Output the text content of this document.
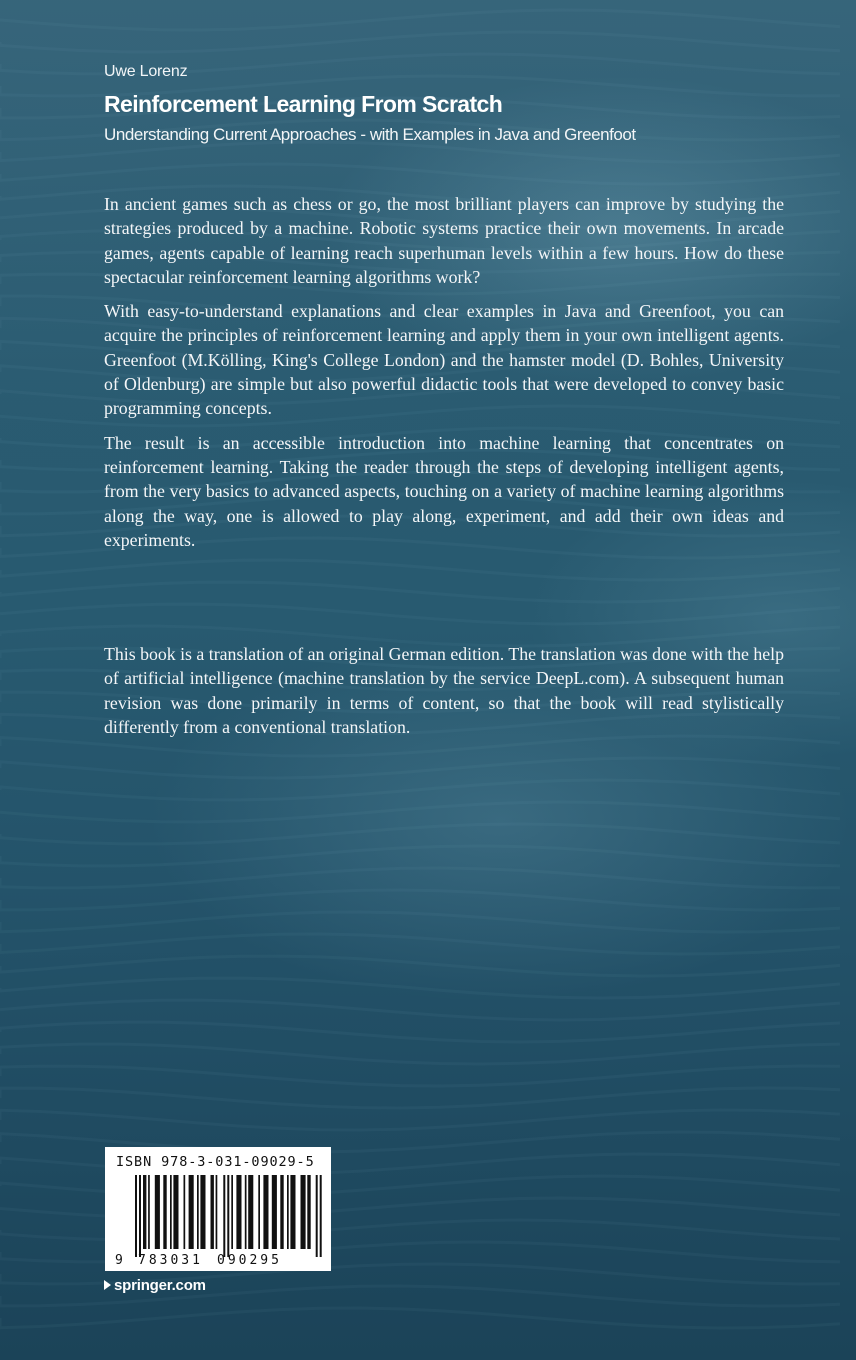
Uwe Lorenz
Reinforcement Learning From Scratch
Understanding Current Approaches - with Examples in Java and Greenfoot

In ancient games such as chess or go, the most brilliant players can improve by studying the strategies produced by a machine. Robotic systems practice their own movements. In arcade games, agents capable of learning reach superhuman levels within a few hours. How do these spectacular reinforcement learning algorithms work?

With easy-to-understand explanations and clear examples in Java and Greenfoot, you can acquire the principles of reinforcement learning and apply them in your own intelligent agents. Greenfoot (M.Kölling, King's College London) and the hamster model (D. Bohles, University of Oldenburg) are simple but also powerful didactic tools that were developed to convey basic programming concepts.

The result is an accessible introduction into machine learning that concentrates on reinforcement learning. Taking the reader through the steps of developing intelligent agents, from the very basics to advanced aspects, touching on a variety of machine learning algorithms along the way, one is allowed to play along, experiment, and add their own ideas and experiments.

This book is a translation of an original German edition. The translation was done with the help of artificial intelligence (machine translation by the service DeepL.com). A subsequent human revision was done primarily in terms of content, so that the book will read stylistically differently from a conventional translation.

ISBN 978-3-031-09029-5
9 783031 090295
springer.com
